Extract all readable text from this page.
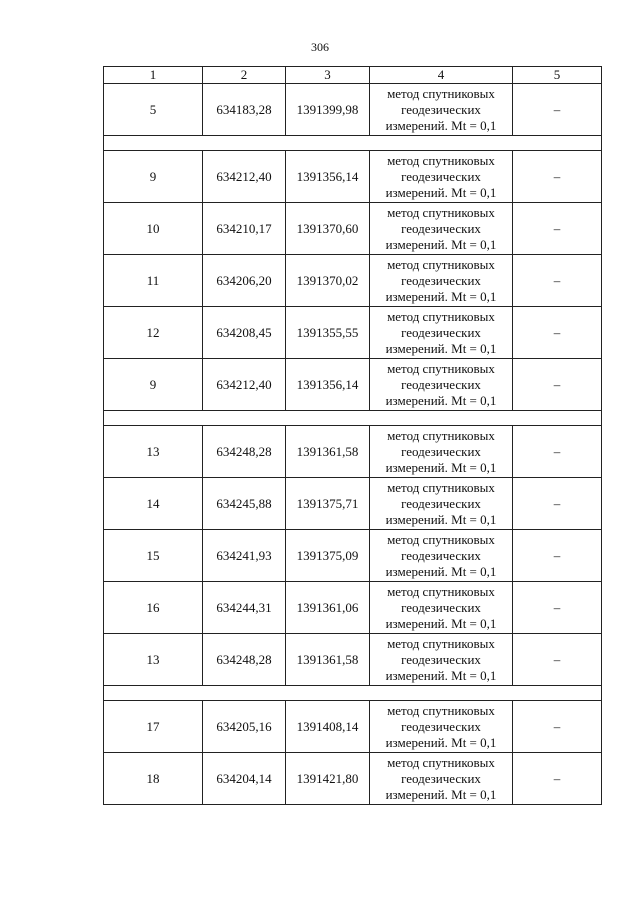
306
1	2	3	4	5
5	634183,28	1391399,98	метод спутниковых
геодезических
измерений. Mt = 0,1	–

9	634212,40	1391356,14	метод спутниковых
геодезических
измерений. Mt = 0,1	–
10	634210,17	1391370,60	метод спутниковых
геодезических
измерений. Mt = 0,1	–
11	634206,20	1391370,02	метод спутниковых
геодезических
измерений. Mt = 0,1	–
12	634208,45	1391355,55	метод спутниковых
геодезических
измерений. Mt = 0,1	–
9	634212,40	1391356,14	метод спутниковых
геодезических
измерений. Mt = 0,1	–

13	634248,28	1391361,58	метод спутниковых
геодезических
измерений. Mt = 0,1	–
14	634245,88	1391375,71	метод спутниковых
геодезических
измерений. Mt = 0,1	–
15	634241,93	1391375,09	метод спутниковых
геодезических
измерений. Mt = 0,1	–
16	634244,31	1391361,06	метод спутниковых
геодезических
измерений. Mt = 0,1	–
13	634248,28	1391361,58	метод спутниковых
геодезических
измерений. Mt = 0,1	–

17	634205,16	1391408,14	метод спутниковых
геодезических
измерений. Mt = 0,1	–
18	634204,14	1391421,80	метод спутниковых
геодезических
измерений. Mt = 0,1	–
